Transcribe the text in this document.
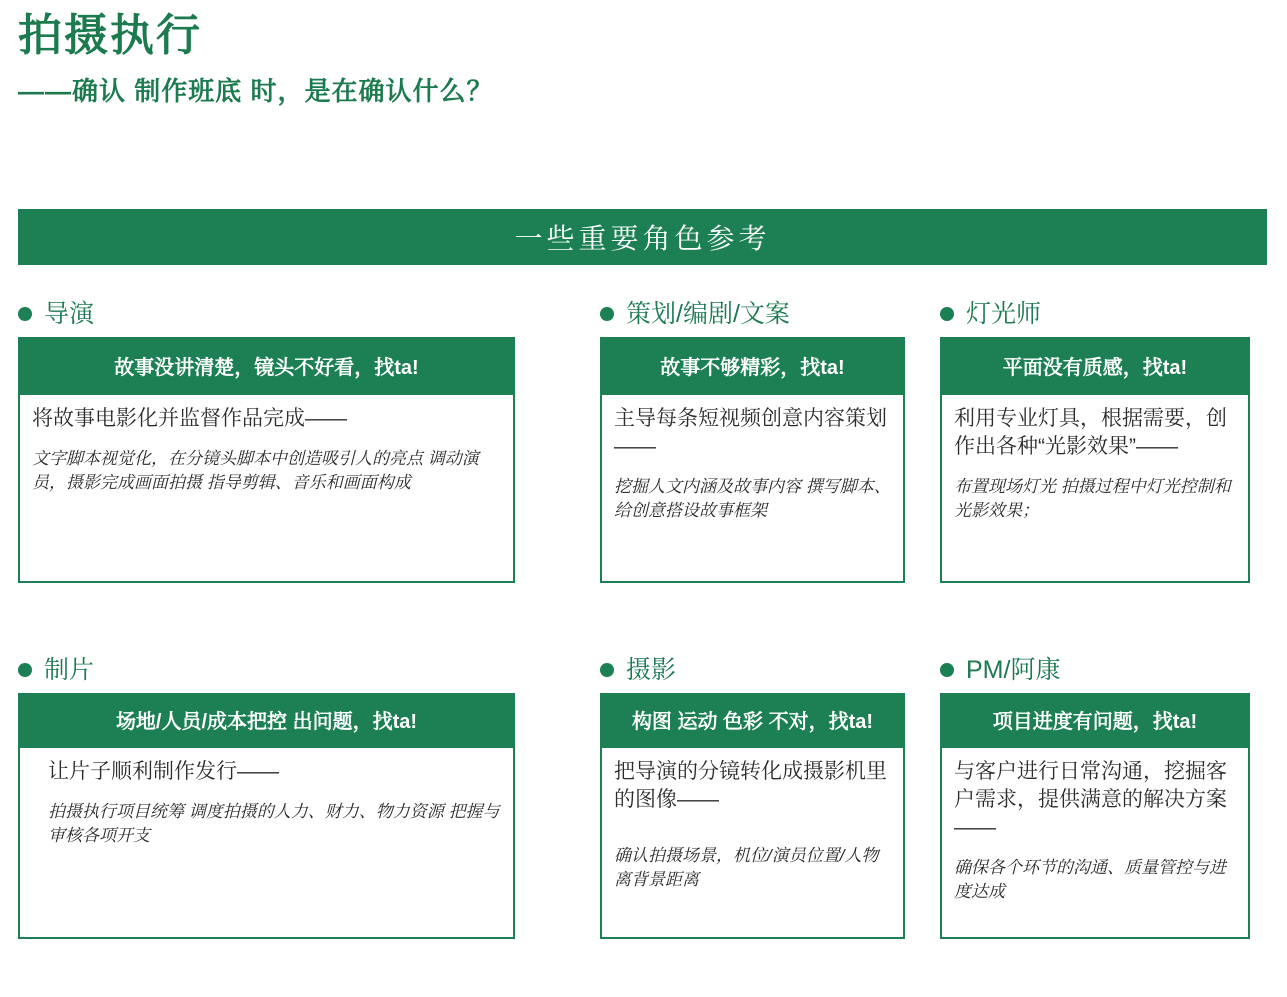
拍摄执行
——确认 制作班底 时，是在确认什么？
一些重要角色参考
导演
故事没讲清楚，镜头不好看，找ta!
将故事电影化并监督作品完成——
文字脚本视觉化，在分镜头脚本中创造吸引人的亮点 调动演员，摄影完成画面拍摄 指导剪辑、音乐和画面构成
策划/编剧/文案
故事不够精彩，找ta!
主导每条短视频创意内容策划——
挖掘人文内涵及故事内容 撰写脚本、给创意搭设故事框架
灯光师
平面没有质感，找ta!
利用专业灯具，根据需要，创作出各种“光影效果”——
布置现场灯光 拍摄过程中灯光控制和光影效果；
制片
场地/人员/成本把控 出问题，找ta!
让片子顺利制作发行——
拍摄执行项目统筹 调度拍摄的人力、财力、物力资源 把握与审核各项开支
摄影
构图 运动 色彩 不对，找ta!
把导演的分镜转化成摄影机里的图像——
确认拍摄场景，机位/演员位置/人物离背景距离
PM/阿康
项目进度有问题，找ta!
与客户进行日常沟通，挖掘客户需求，提供满意的解决方案——
确保各个环节的沟通、质量管控与进度达成
